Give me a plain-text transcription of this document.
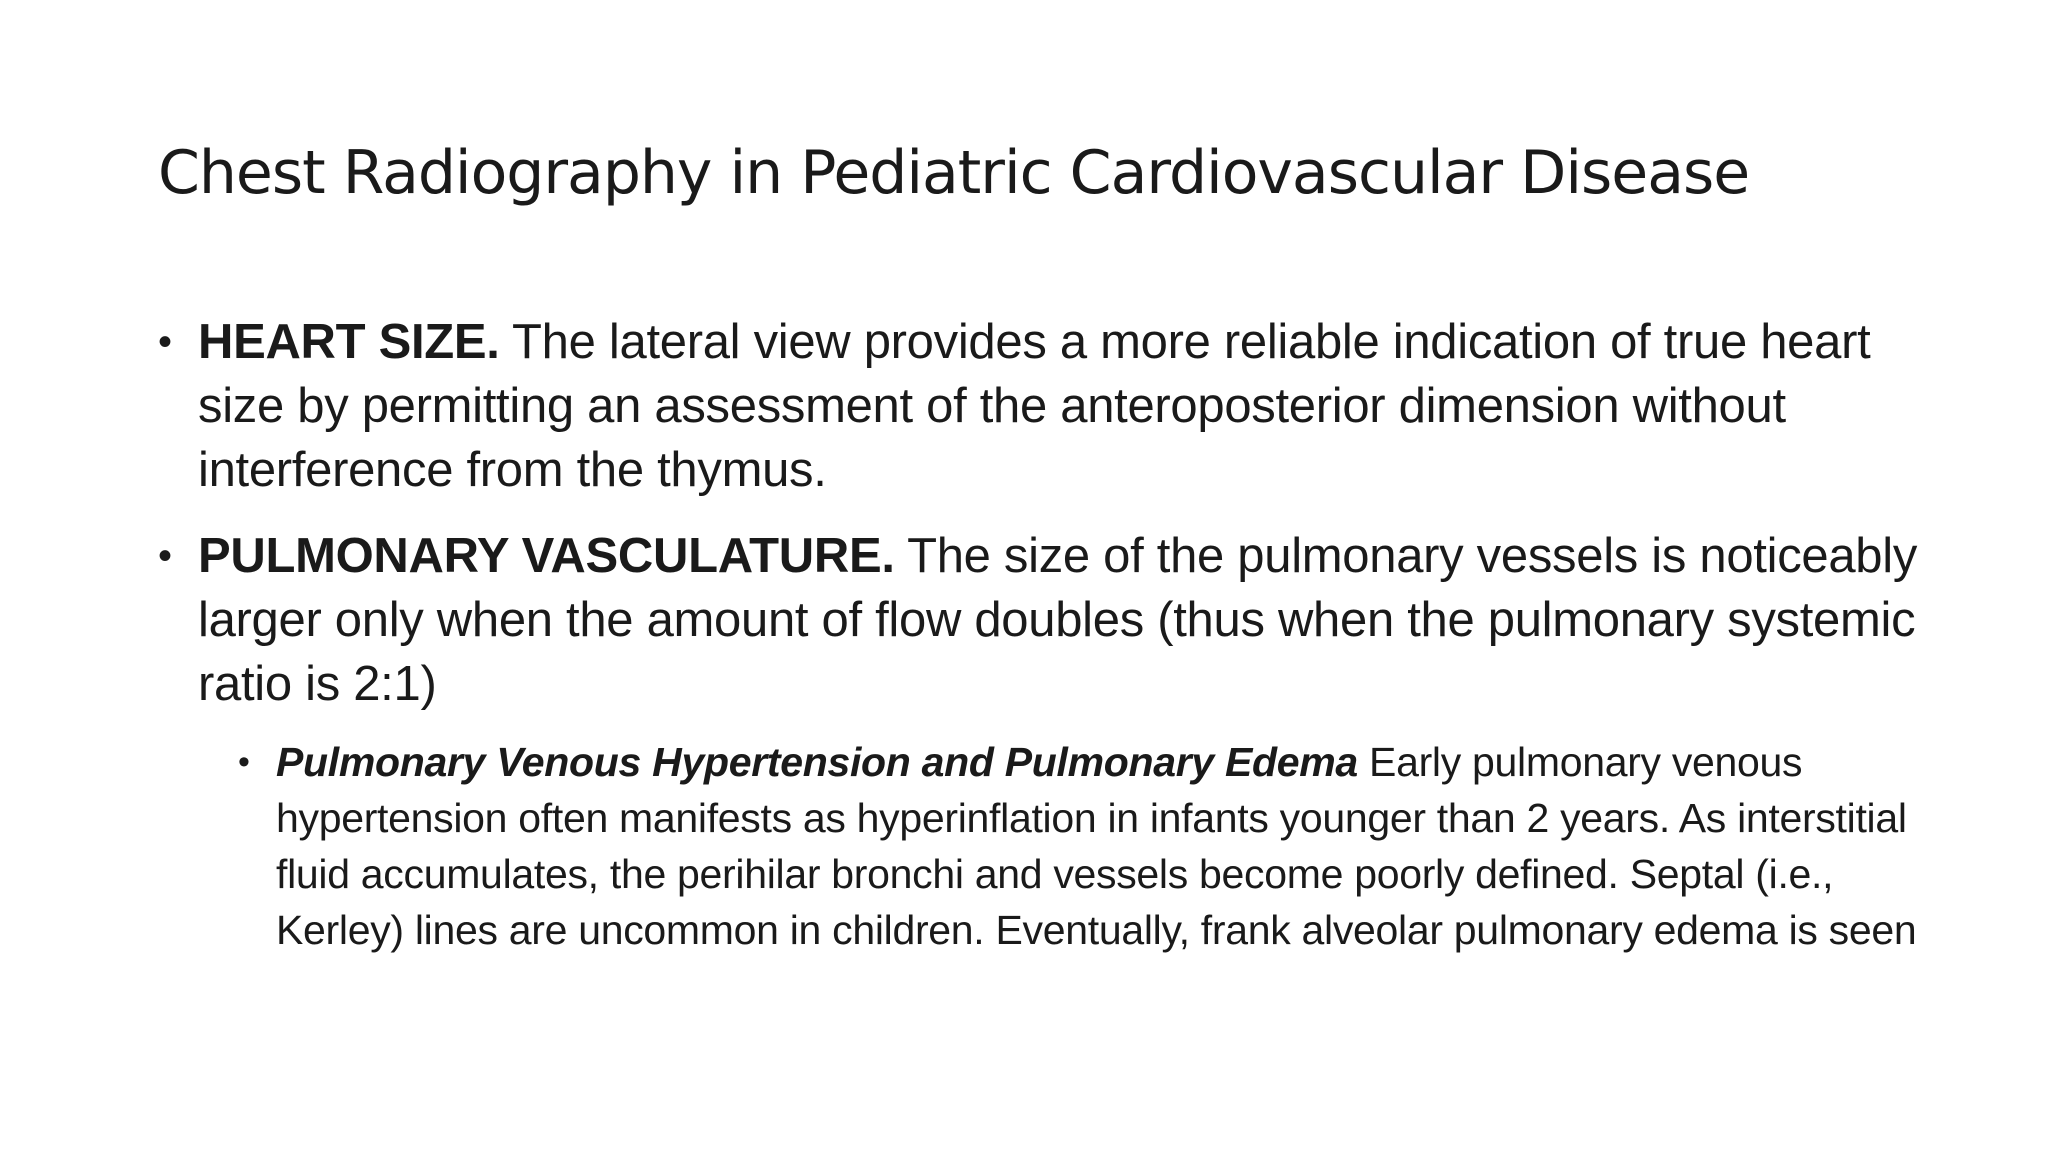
Chest Radiography in Pediatric Cardiovascular Disease
• HEART SIZE. The lateral view provides a more reliable indication of true heart size by permitting an assessment of the anteroposterior dimension without interference from the thymus.
• PULMONARY VASCULATURE. The size of the pulmonary vessels is noticeably larger only when the amount of flow doubles (thus when the pulmonary systemic ratio is 2:1)
• Pulmonary Venous Hypertension and Pulmonary Edema Early pulmonary venous hypertension often manifests as hyperinflation in infants younger than 2 years. As interstitial fluid accumulates, the perihilar bronchi and vessels become poorly defined. Septal (i.e., Kerley) lines are uncommon in children. Eventually, frank alveolar pulmonary edema is seen
